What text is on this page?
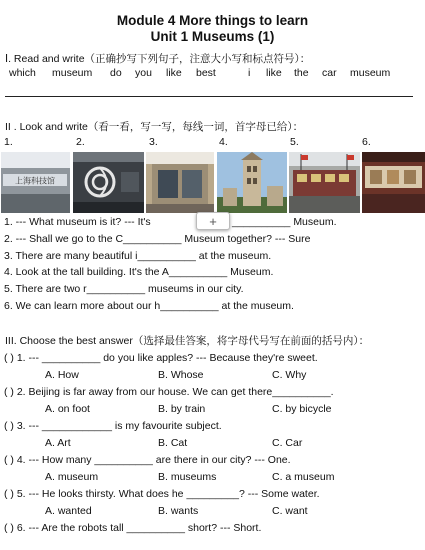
Module 4 More things to learn
Unit 1 Museums (1)
Ⅰ. Read and write（正确抄写下列句子，注意大小写和标点符号）：
which museum do you like best	i like the car museum
II . Look and write（看一看，写一写，每线一词，首字母已给）：
1.	2.	3.	4.	5.	6.
上海科技馆
1. --- What museum is it? --- It's	__________ Museum.
+
2. --- Shall we go to the C__________ Museum together? --- Sure
3. There are many beautiful i__________ at the museum.
4. Look at the tall building. It's the A__________ Museum.
5. There are two r__________ museums in our city.
6. We can learn more about our h__________ at the museum.
III. Choose the best answer（选择最佳答案，将字母代号写在前面的括号内）：
( ) 1. --- __________ do you like apples? --- Because they're sweet.
A. How	B. Whose	C. Why
( ) 2. Beijing is far away from our house. We can get there__________.
A. on foot	B. by train	C. by bicycle
( ) 3. --- ____________ is my favourite subject.
A. Art	B. Cat	C. Car
( ) 4. --- How many __________ are there in our city? --- One.
A. museum	B. museums	C. a museum
( ) 5. --- He looks thirsty. What does he _________? --- Some water.
A. wanted	B. wants	C. want
( ) 6. --- Are the robots tall __________ short? --- Short.
